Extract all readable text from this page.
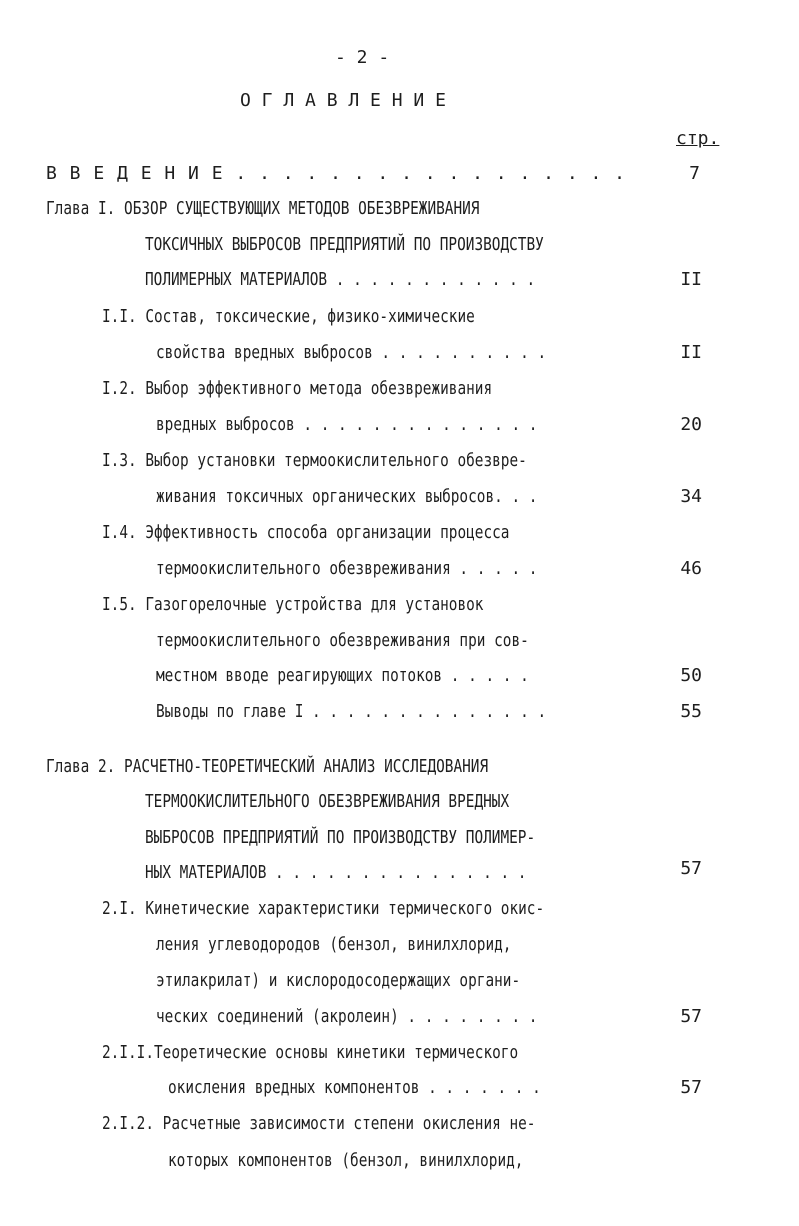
- 2 -
О Г Л А В Л Е Н И Е
стр.
В В Е Д Е Н И Е . . . . . . . . . . . . . . . . .	7
Глава I. ОБЗОР СУЩЕСТВУЮЩИХ МЕТОДОВ ОБЕЗВРЕЖИВАНИЯ
ТОКСИЧНЫХ ВЫБРОСОВ ПРЕДПРИЯТИЙ ПО ПРОИЗВОДСТВУ
ПОЛИМЕРНЫХ МАТЕРИАЛОВ . . . . . . . . . . . .	II
I.I. Состав, токсические, физико-химические
свойства вредных выбросов . . . . . . . . . .	II
I.2. Выбор эффективного метода обезвреживания
вредных выбросов . . . . . . . . . . . . . .	20
I.3. Выбор установки термоокислительного обезвре-
живания токсичных органических выбросов. . .	34
I.4. Эффективность способа организации процесса
термоокислительного обезвреживания . . . . .	46
I.5. Газогорелочные устройства для установок
термоокислительного обезвреживания при сов-
местном вводе реагирующих потоков . . . . .	50
Выводы по главе I . . . . . . . . . . . . . .	55
Глава 2. РАСЧЕТНО-ТЕОРЕТИЧЕСКИЙ АНАЛИЗ ИССЛЕДОВАНИЯ
ТЕРМООКИСЛИТЕЛЬНОГО ОБЕЗВРЕЖИВАНИЯ ВРЕДНЫХ
ВЫБРОСОВ ПРЕДПРИЯТИЙ ПО ПРОИЗВОДСТВУ ПОЛИМЕР-
НЫХ МАТЕРИАЛОВ . . . . . . . . . . . . . . .	57
2.I. Кинетические характеристики термического окис-
ления углеводородов (бензол, винилхлорид,
этилакрилат) и кислородосодержащих органи-
ческих соединений (акролеин) . . . . . . . .	57
2.I.I.Теоретические основы кинетики термического
окисления вредных компонентов . . . . . . .	57
2.I.2. Расчетные зависимости степени окисления не-
которых компонентов (бензол, винилхлорид,
